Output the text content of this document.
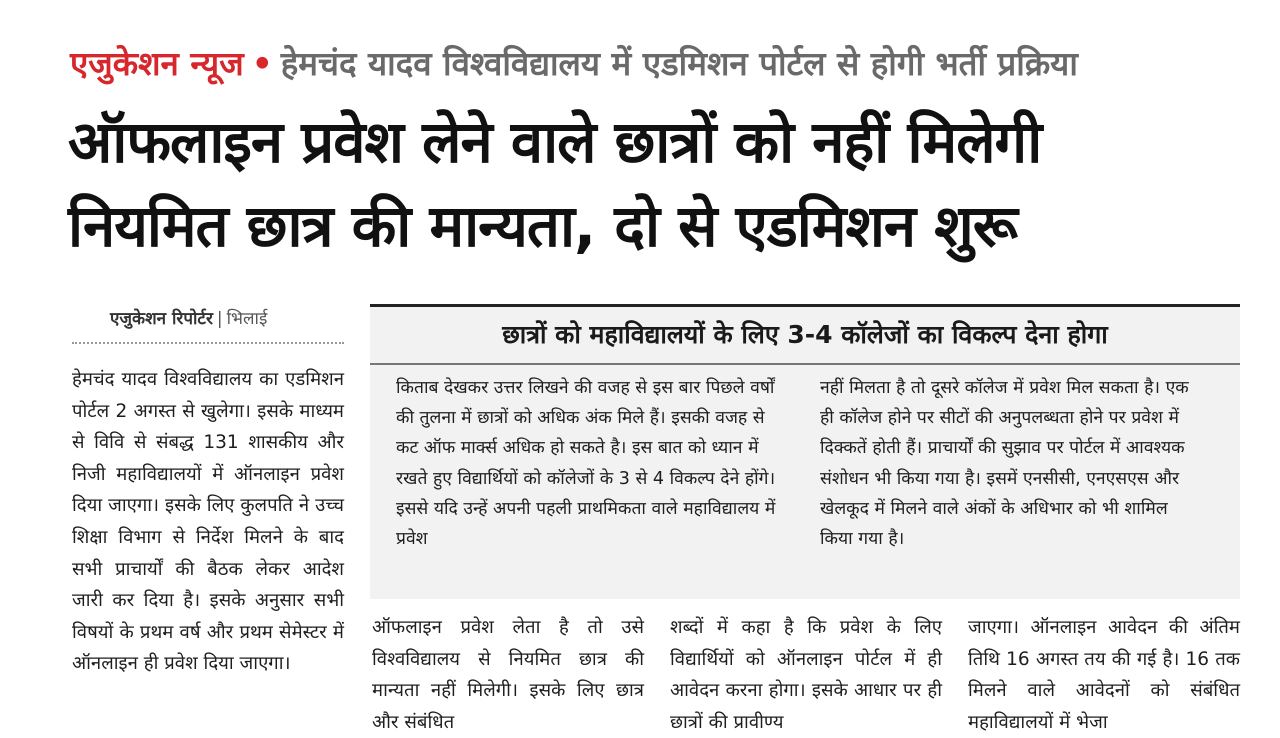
एजुकेशन न्यूज • हेमचंद यादव विश्वविद्यालय में एडमिशन पोर्टल से होगी भर्ती प्रक्रिया
ऑफलाइन प्रवेश लेने वाले छात्रों को नहीं मिलेगी
नियमित छात्र की मान्यता, दो से एडमिशन शुरू
एजुकेशन रिपोर्टर | भिलाई
हेमचंद यादव विश्वविद्यालय का एडमिशन पोर्टल 2 अगस्त से खुलेगा। इसके माध्यम से विवि से संबद्ध 131 शासकीय और निजी महाविद्यालयों में ऑनलाइन प्रवेश दिया जाएगा। इसके लिए कुलपति ने उच्च शिक्षा विभाग से निर्देश मिलने के बाद सभी प्राचार्यों की बैठक लेकर आदेश जारी कर दिया है। इसके अनुसार सभी विषयों के प्रथम वर्ष और प्रथम सेमेस्टर में ऑनलाइन ही प्रवेश दिया जाएगा।
छात्रों को महाविद्यालयों के लिए 3-4 कॉलेजों का विकल्प देना होगा
किताब देखकर उत्तर लिखने की वजह से इस बार पिछले वर्षों की तुलना में छात्रों को अधिक अंक मिले हैं। इसकी वजह से कट ऑफ मार्क्स अधिक हो सकते है। इस बात को ध्यान में रखते हुए विद्यार्थियों को कॉलेजों के 3 से 4 विकल्प देने होंगे। इससे यदि उन्हें अपनी पहली प्राथमिकता वाले महाविद्यालय में प्रवेश
नहीं मिलता है तो दूसरे कॉलेज में प्रवेश मिल सकता है। एक ही कॉलेज होने पर सीटों की अनुपलब्धता होने पर प्रवेश में दिक्कतें होती हैं। प्राचार्यों की सुझाव पर पोर्टल में आवश्यक संशोधन भी किया गया है। इसमें एनसीसी, एनएसएस और खेलकूद में मिलने वाले अंकों के अधिभार को भी शामिल किया गया है।
ऑफलाइन प्रवेश लेता है तो उसे विश्वविद्यालय से नियमित छात्र की मान्यता नहीं मिलेगी। इसके लिए छात्र और संबंधित
शब्दों में कहा है कि प्रवेश के लिए विद्यार्थियों को ऑनलाइन पोर्टल में ही आवेदन करना होगा। इसके आधार पर ही छात्रों की प्रावीण्य
जाएगा। ऑनलाइन आवेदन की अंतिम तिथि 16 अगस्त तय की गई है। 16 तक मिलने वाले आवेदनों को संबंधित महाविद्यालयों में भेजा
